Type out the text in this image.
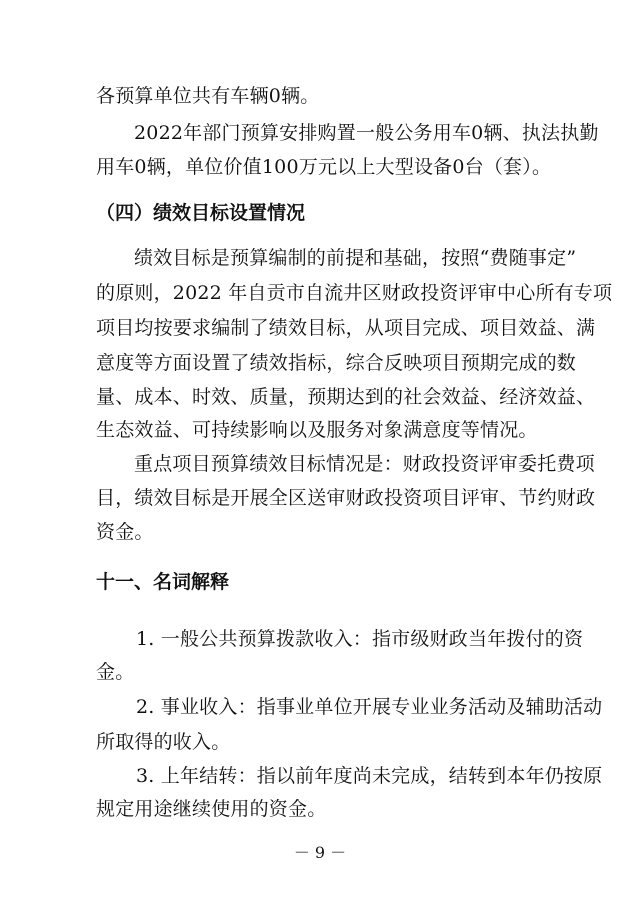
各预算单位共有车辆0辆。
2022年部门预算安排购置一般公务用车0辆、执法执勤
用车0辆，单位价值100万元以上大型设备0台（套）。
（四）绩效目标设置情况
绩效目标是预算编制的前提和基础，按照“费随事定”
的原则，2022 年自贡市自流井区财政投资评审中心所有专项
项目均按要求编制了绩效目标，从项目完成、项目效益、满
意度等方面设置了绩效指标，综合反映项目预期完成的数
量、成本、时效、质量，预期达到的社会效益、经济效益、
生态效益、可持续影响以及服务对象满意度等情况。
重点项目预算绩效目标情况是：财政投资评审委托费项
目，绩效目标是开展全区送审财政投资项目评审、节约财政
资金。
十一、名词解释
1. 一般公共预算拨款收入：指市级财政当年拨付的资
金。
2. 事业收入：指事业单位开展专业业务活动及辅助活动
所取得的收入。
3. 上年结转：指以前年度尚未完成，结转到本年仍按原
规定用途继续使用的资金。
－ 9 －
